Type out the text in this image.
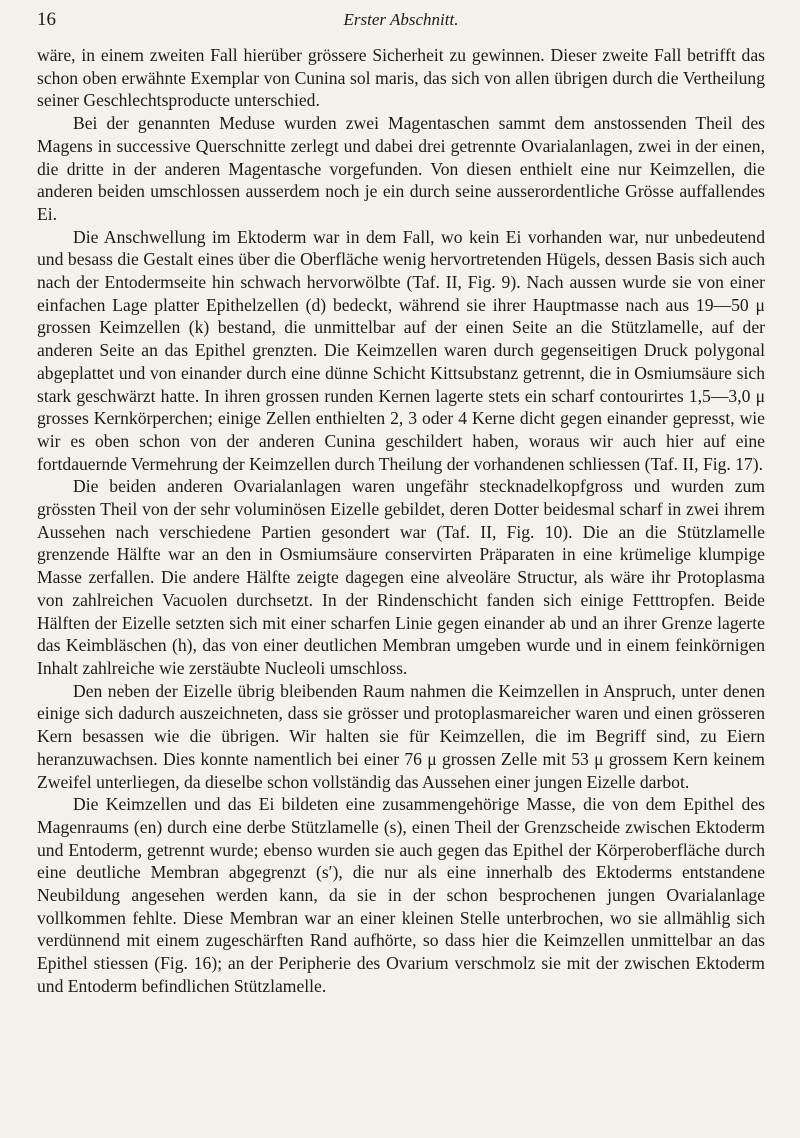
16	Erster Abschnitt.

wäre, in einem zweiten Fall hierüber grössere Sicherheit zu gewinnen. Dieser zweite Fall betrifft das schon oben erwähnte Exemplar von Cunina sol maris, das sich von allen übrigen durch die Vertheilung seiner Geschlechtsproducte unterschied.

Bei der genannten Meduse wurden zwei Magentaschen sammt dem anstossenden Theil des Magens in successive Querschnitte zerlegt und dabei drei getrennte Ovarialanlagen, zwei in der einen, die dritte in der anderen Magentasche vorgefunden. Von diesen enthielt eine nur Keimzellen, die anderen beiden umschlossen ausserdem noch je ein durch seine ausserordentliche Grösse auffallendes Ei.

Die Anschwellung im Ektoderm war in dem Fall, wo kein Ei vorhanden war, nur unbedeutend und besass die Gestalt eines über die Oberfläche wenig hervortretenden Hügels, dessen Basis sich auch nach der Entodermseite hin schwach hervorwölbte (Taf. II, Fig. 9). Nach aussen wurde sie von einer einfachen Lage platter Epithelzellen (d) bedeckt, während sie ihrer Hauptmasse nach aus 19—50 μ grossen Keimzellen (k) bestand, die unmittelbar auf der einen Seite an die Stützlamelle, auf der anderen Seite an das Epithel grenzten. Die Keimzellen waren durch gegenseitigen Druck polygonal abgeplattet und von einander durch eine dünne Schicht Kittsubstanz getrennt, die in Osmiumsäure sich stark geschwärzt hatte. In ihren grossen runden Kernen lagerte stets ein scharf contourirtes 1,5—3,0 μ grosses Kernkörperchen; einige Zellen enthielten 2, 3 oder 4 Kerne dicht gegen einander gepresst, wie wir es oben schon von der anderen Cunina geschildert haben, woraus wir auch hier auf eine fortdauernde Vermehrung der Keimzellen durch Theilung der vorhandenen schliessen (Taf. II, Fig. 17).

Die beiden anderen Ovarialanlagen waren ungefähr stecknadelkopfgross und wurden zum grössten Theil von der sehr voluminösen Eizelle gebildet, deren Dotter beidesmal scharf in zwei ihrem Aussehen nach verschiedene Partien gesondert war (Taf. II, Fig. 10). Die an die Stützlamelle grenzende Hälfte war an den in Osmiumsäure conservirten Präparaten in eine krümelige klumpige Masse zerfallen. Die andere Hälfte zeigte dagegen eine alveoläre Structur, als wäre ihr Protoplasma von zahlreichen Vacuolen durchsetzt. In der Rindenschicht fanden sich einige Fetttropfen. Beide Hälften der Eizelle setzten sich mit einer scharfen Linie gegen einander ab und an ihrer Grenze lagerte das Keimbläschen (h), das von einer deutlichen Membran umgeben wurde und in einem feinkörnigen Inhalt zahlreiche wie zerstäubte Nucleoli umschloss.

Den neben der Eizelle übrig bleibenden Raum nahmen die Keimzellen in Anspruch, unter denen einige sich dadurch auszeichneten, dass sie grösser und protoplasmareicher waren und einen grösseren Kern besassen wie die übrigen. Wir halten sie für Keimzellen, die im Begriff sind, zu Eiern heranzuwachsen. Dies konnte namentlich bei einer 76 μ grossen Zelle mit 53 μ grossem Kern keinem Zweifel unterliegen, da dieselbe schon vollständig das Aussehen einer jungen Eizelle darbot.

Die Keimzellen und das Ei bildeten eine zusammengehörige Masse, die von dem Epithel des Magenraums (en) durch eine derbe Stützlamelle (s), einen Theil der Grenzscheide zwischen Ektoderm und Entoderm, getrennt wurde; ebenso wurden sie auch gegen das Epithel der Körperoberfläche durch eine deutliche Membran abgegrenzt (s′), die nur als eine innerhalb des Ektoderms entstandene Neubildung angesehen werden kann, da sie in der schon besprochenen jungen Ovarialanlage vollkommen fehlte. Diese Membran war an einer kleinen Stelle unterbrochen, wo sie allmählig sich verdünnend mit einem zugeschärften Rand aufhörte, so dass hier die Keimzellen unmittelbar an das Epithel stiessen (Fig. 16); an der Peripherie des Ovarium verschmolz sie mit der zwischen Ektoderm und Entoderm befindlichen Stützlamelle.
